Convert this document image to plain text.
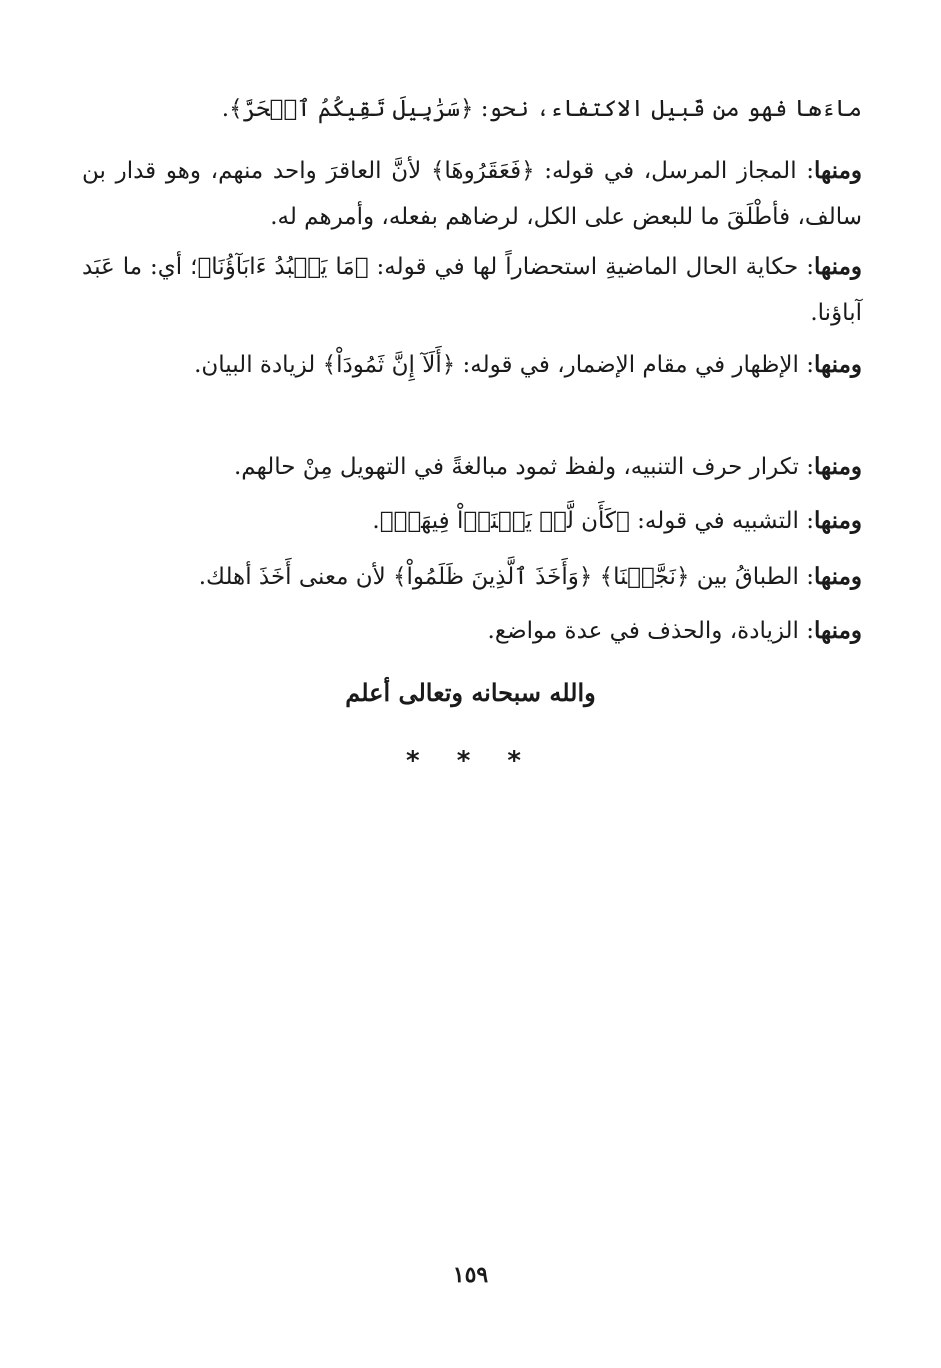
ماءَها فهو من قَبيل الاكتفاء، نحو: ﴿سَرَٰبِيلَ تَقِيكُمُ ٱلۡحَرَّ﴾.

ومنها: المجاز المرسل، في قوله: ﴿فَعَقَرُوهَا﴾ لأنَّ العاقرَ واحد منهم، وهو قدار بن سالف، فأطْلَقَ ما للبعض على الكل، لرضاهم بفعله، وأمرهم له.

ومنها: حكاية الحال الماضيةِ استحضاراً لها في قوله: ﴿مَا يَعۡبُدُ ءَابَآؤُنَا﴾؛ أي: ما عَبَد آباؤنا.

ومنها: الإظهار في مقام الإضمار، في قوله: ﴿أَلَآ إِنَّ ثَمُودَاْ﴾ لزيادة البيان.

ومنها: تكرار حرف التنبيه، ولفظ ثمود مبالغةً في التهويل مِنْ حالهم.

ومنها: التشبيه في قوله: ﴿كَأَن لَّمۡ يَغۡنَوۡاْ فِيهَآۗ﴾.

ومنها: الطباقُ بين ﴿نَجَّيۡنَا﴾ ﴿وَأَخَذَ ٱلَّذِينَ ظَلَمُواْ﴾ لأن معنى أَخَذَ أهلك.

ومنها: الزيادة، والحذف في عدة مواضع.

والله سبحانه وتعالى أعلم

* * *
١٥٩
